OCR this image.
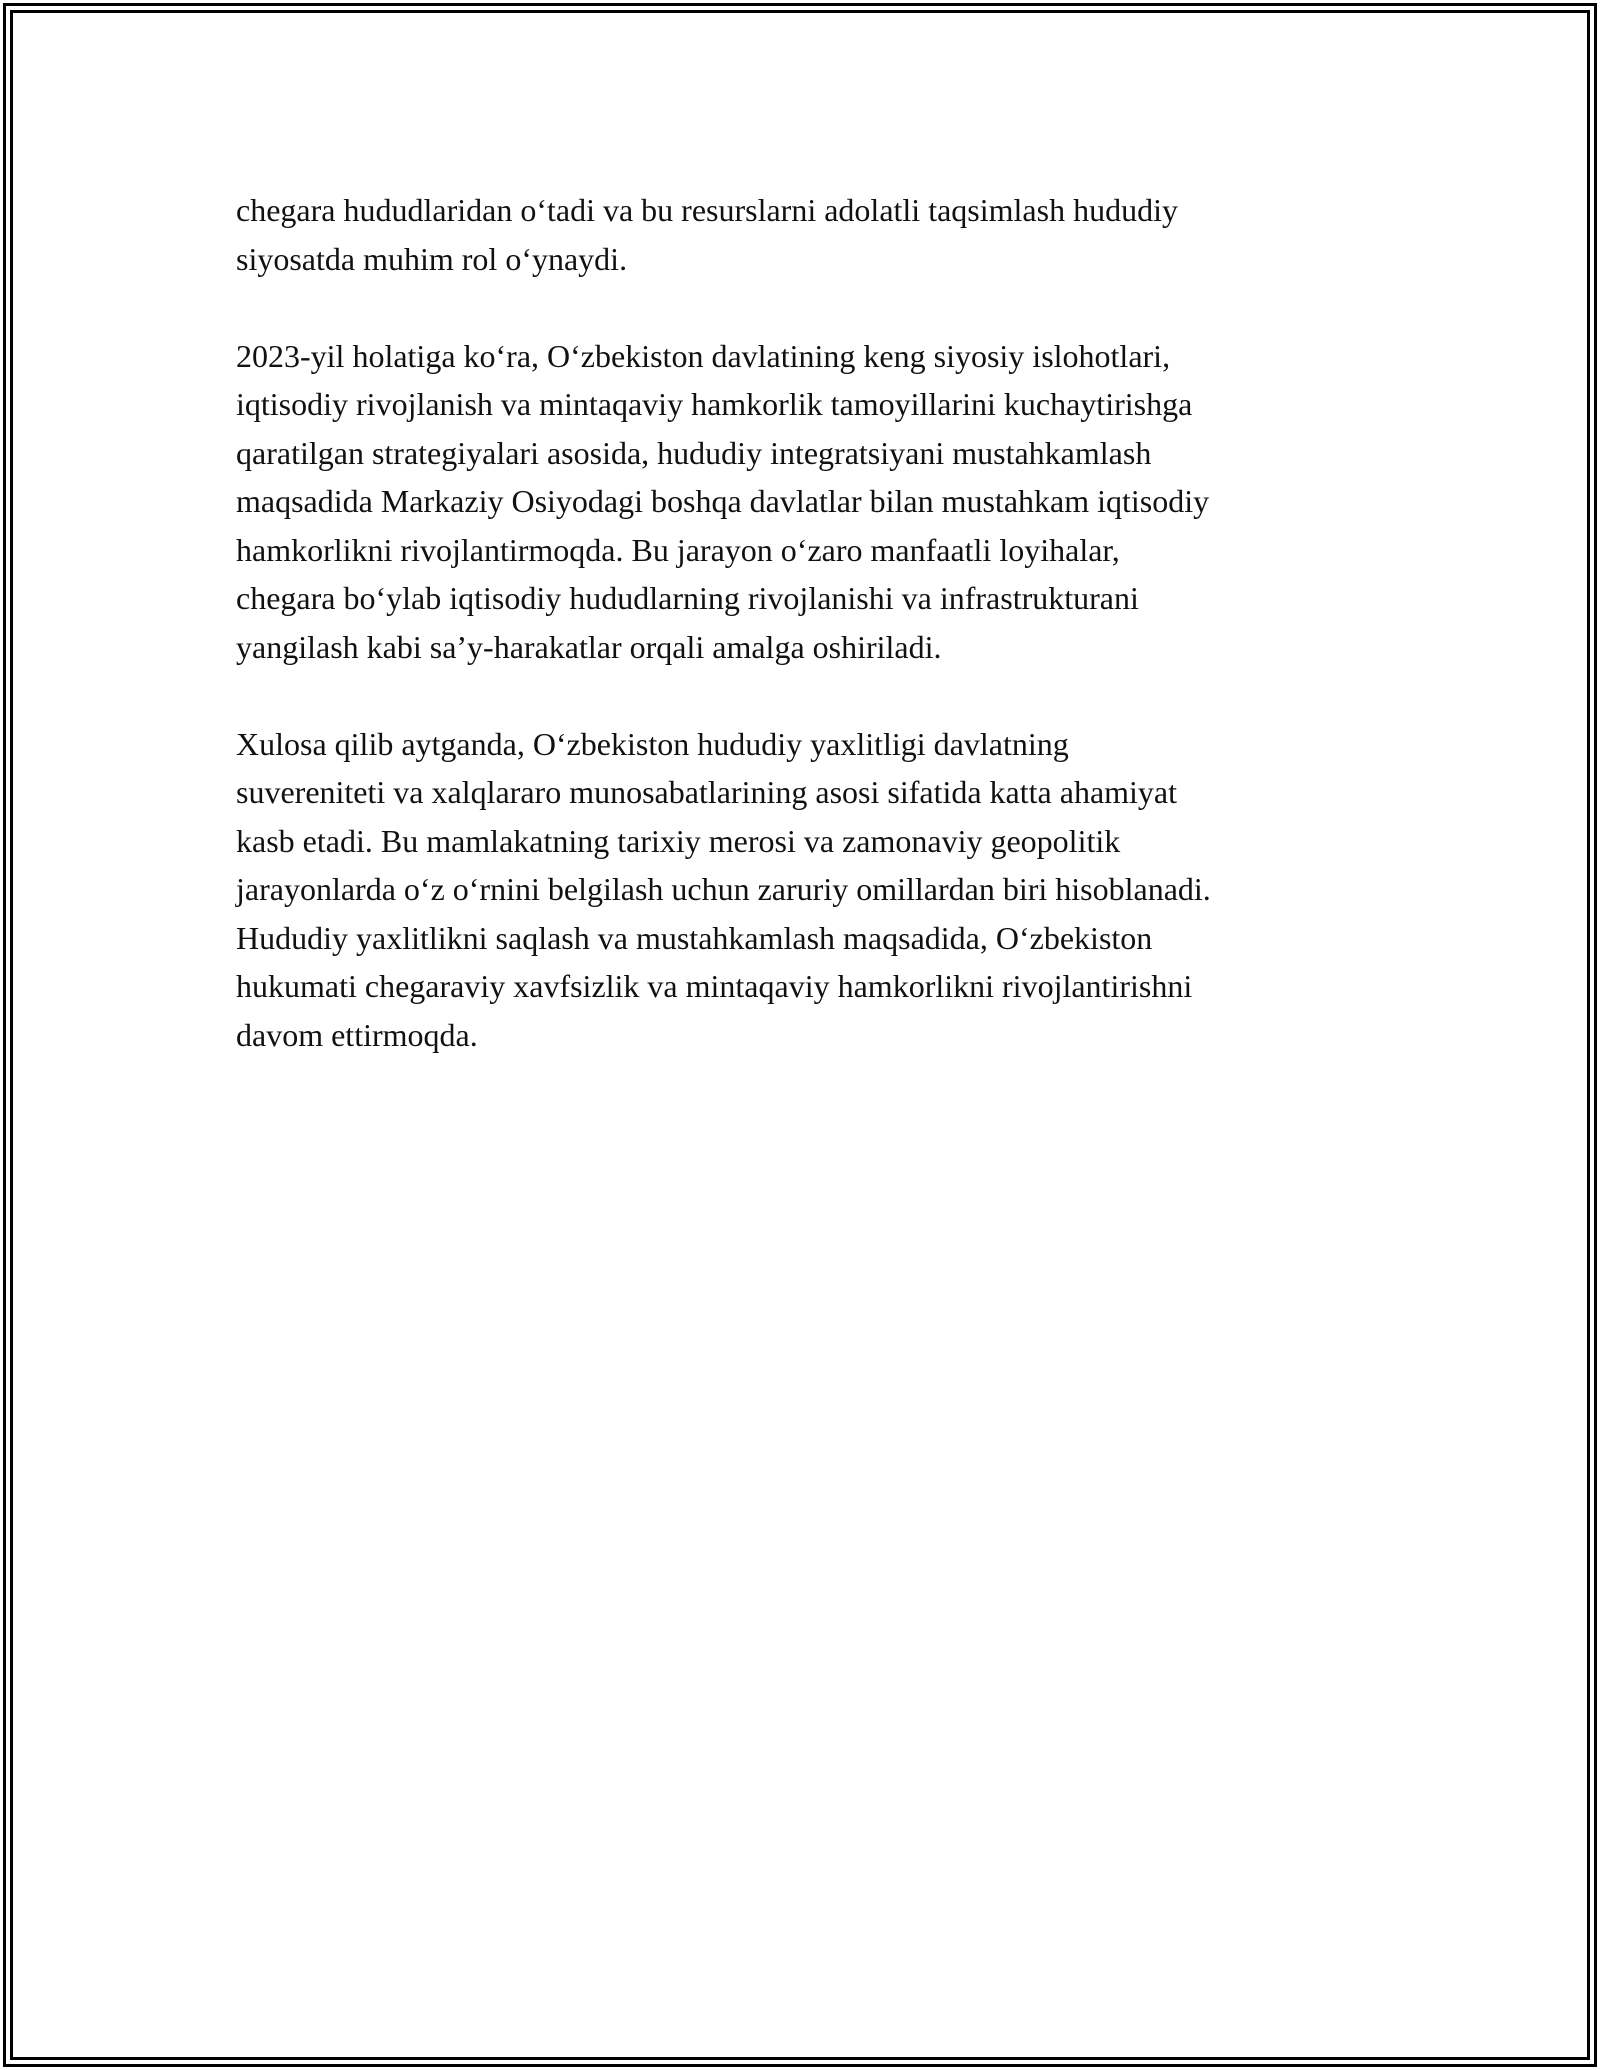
chegara hududlaridan o‘tadi va bu resurslarni adolatli taqsimlash hududiy
siyosatda muhim rol o‘ynaydi.

2023-yil holatiga ko‘ra, O‘zbekiston davlatining keng siyosiy islohotlari,
iqtisodiy rivojlanish va mintaqaviy hamkorlik tamoyillarini kuchaytirishga
qaratilgan strategiyalari asosida, hududiy integratsiyani mustahkamlash
maqsadida Markaziy Osiyodagi boshqa davlatlar bilan mustahkam iqtisodiy
hamkorlikni rivojlantirmoqda. Bu jarayon o‘zaro manfaatli loyihalar,
chegara bo‘ylab iqtisodiy hududlarning rivojlanishi va infrastrukturani
yangilash kabi sa’y-harakatlar orqali amalga oshiriladi.

Xulosa qilib aytganda, O‘zbekiston hududiy yaxlitligi davlatning
suvereniteti va xalqlararo munosabatlarining asosi sifatida katta ahamiyat
kasb etadi. Bu mamlakatning tarixiy merosi va zamonaviy geopolitik
jarayonlarda o‘z o‘rnini belgilash uchun zaruriy omillardan biri hisoblanadi.
Hududiy yaxlitlikni saqlash va mustahkamlash maqsadida, O‘zbekiston
hukumati chegaraviy xavfsizlik va mintaqaviy hamkorlikni rivojlantirishni
davom ettirmoqda.
